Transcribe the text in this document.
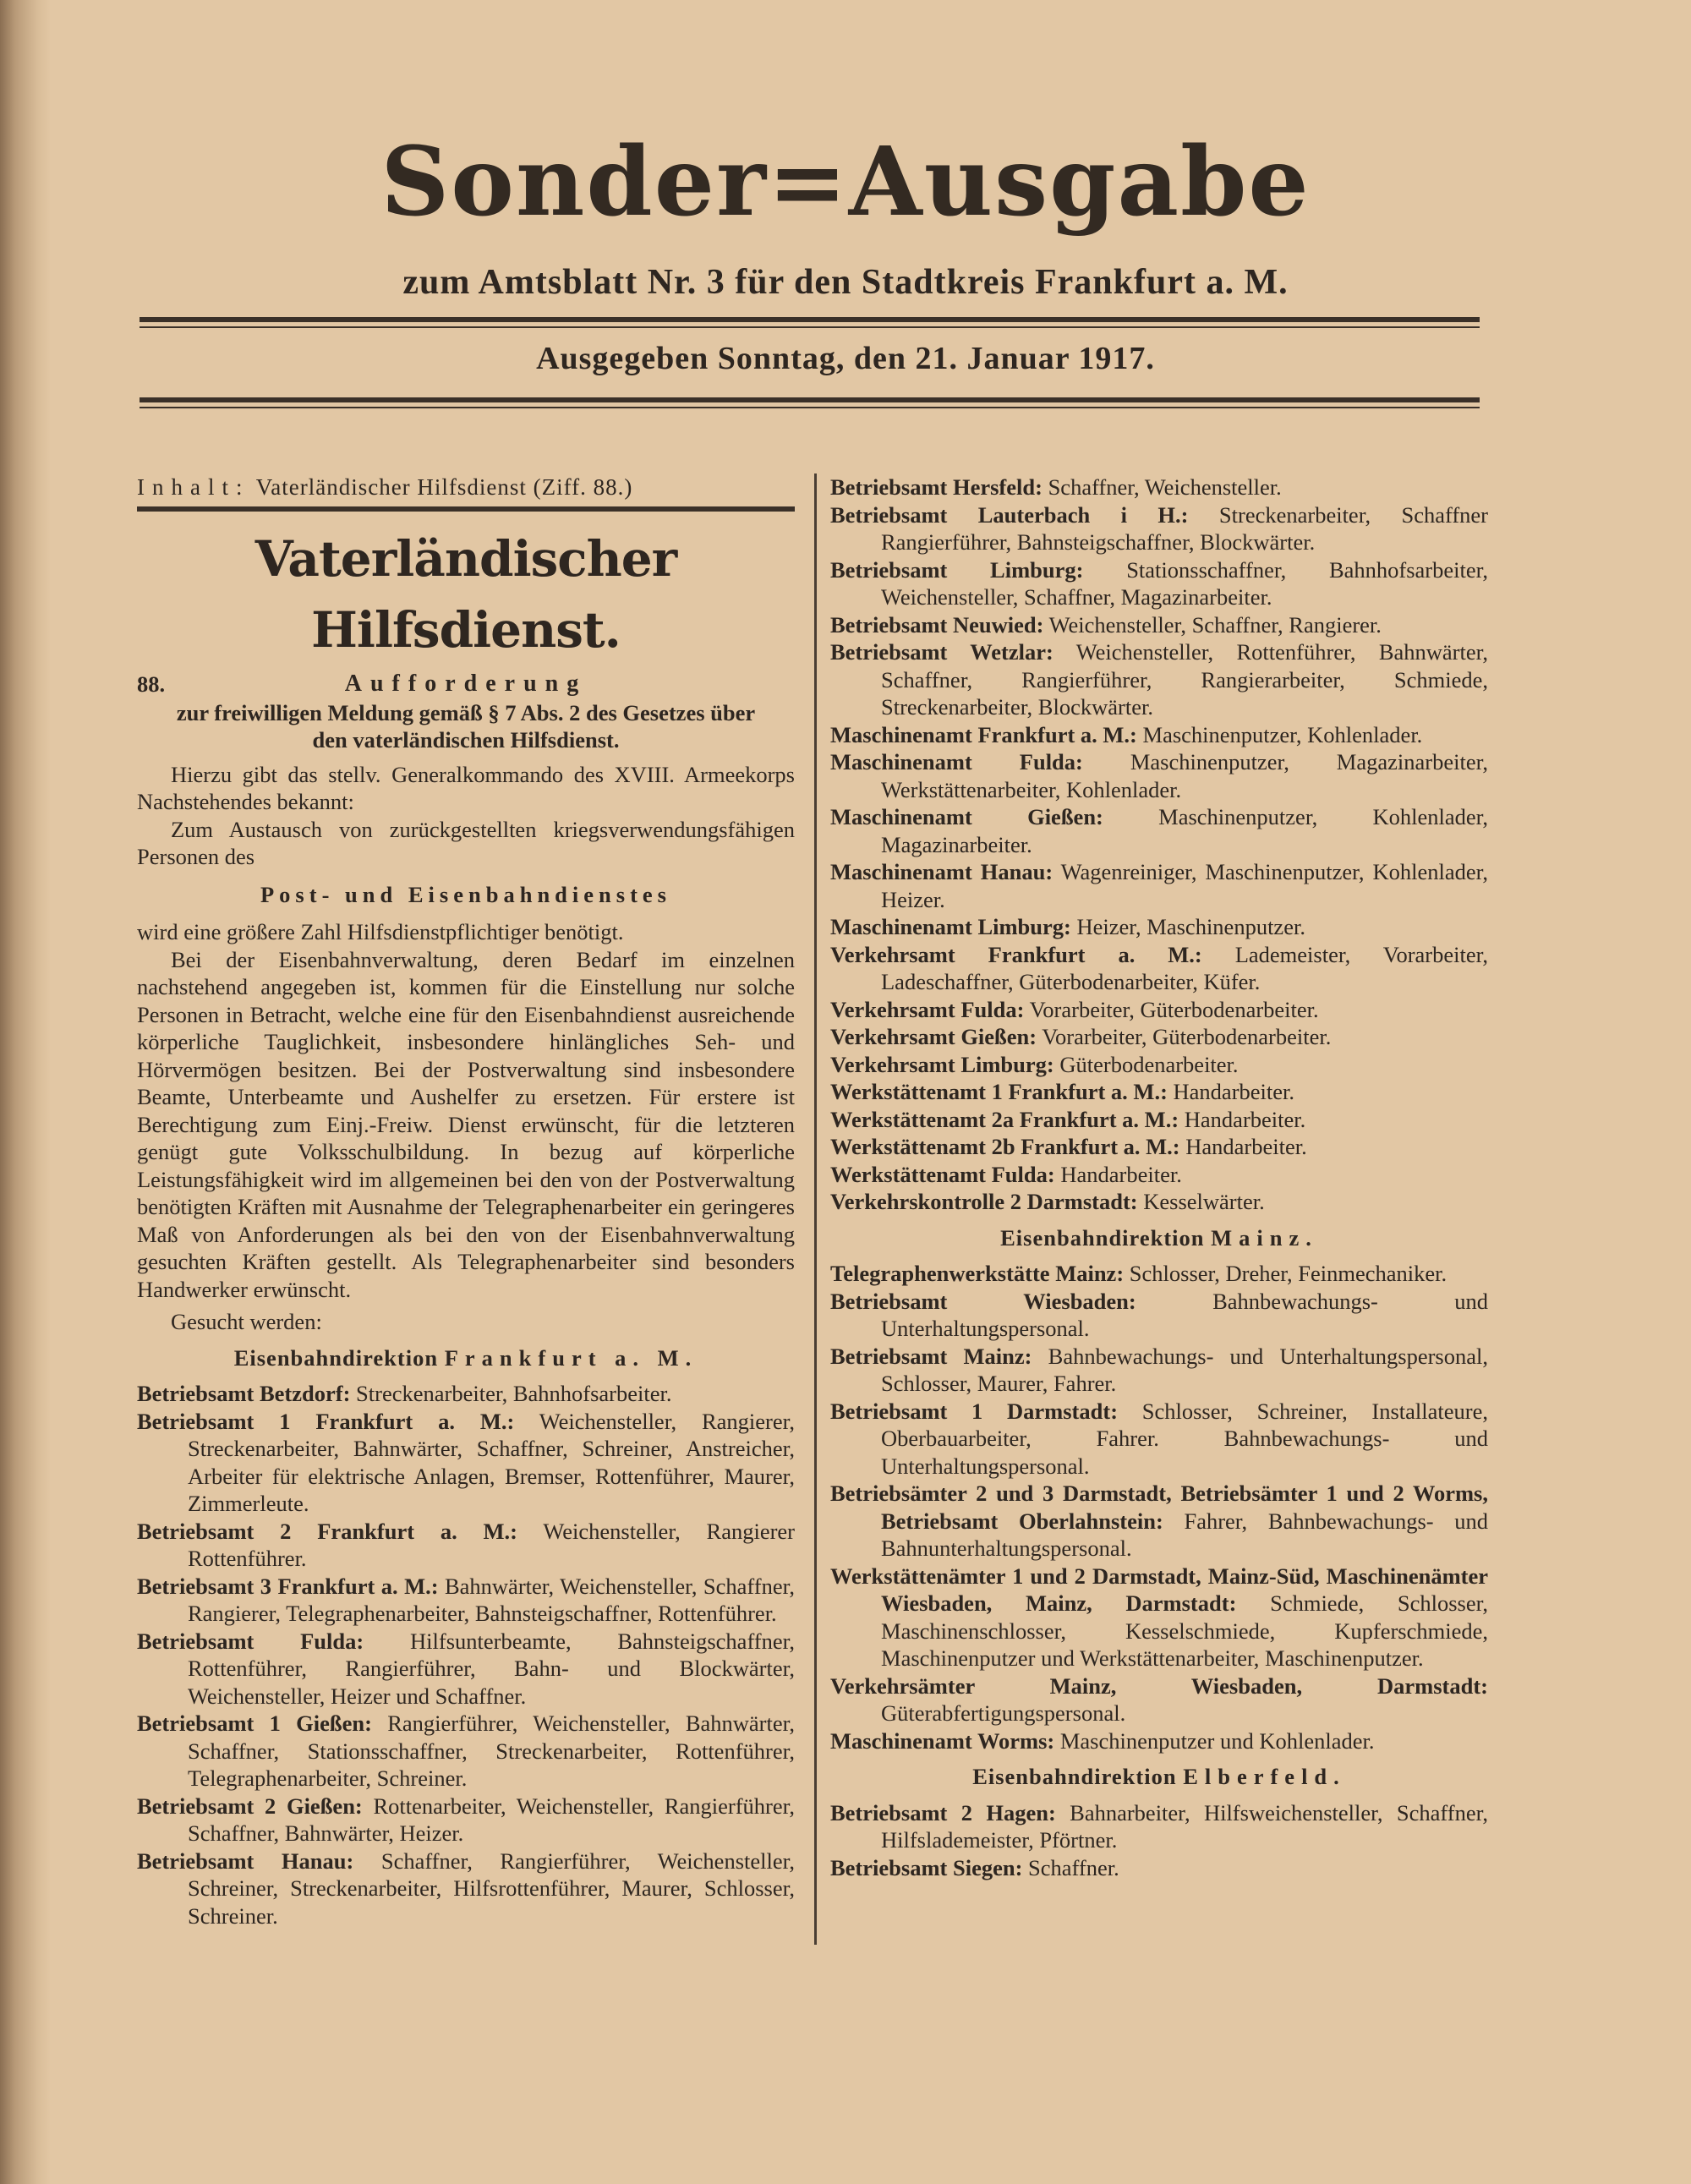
Sonder=Ausgabe
zum Amtsblatt Nr. 3 für den Stadtkreis Frankfurt a. M.
Ausgegeben Sonntag, den 21. Januar 1917.
Inhalt: Vaterländischer Hilfsdienst (Ziff. 88.)
Vaterländischer Hilfsdienst.
88.	Aufforderung
zur freiwilligen Meldung gemäß § 7 Abs. 2 des Gesetzes über den vaterländischen Hilfsdienst.

Hierzu gibt das stellv. Generalkommando des XVIII. Armeekorps Nachstehendes bekannt:

Zum Austausch von zurückgestellten kriegsverwendungsfähigen Personen des

Post- und Eisenbahndienstes

wird eine größere Zahl Hilfsdienstpflichtiger benötigt.

Bei der Eisenbahnverwaltung, deren Bedarf im einzelnen nachstehend angegeben ist, kommen für die Einstellung nur solche Personen in Betracht, welche eine für den Eisenbahndienst ausreichende körperliche Tauglichkeit, insbesondere hinlängliches Seh- und Hörvermögen besitzen. Bei der Postverwaltung sind insbesondere Beamte, Unterbeamte und Aushelfer zu ersetzen. Für erstere ist Berechtigung zum Einj.-Freiw. Dienst erwünscht, für die letzteren genügt gute Volksschulbildung. In bezug auf körperliche Leistungsfähigkeit wird im allgemeinen bei den von der Postverwaltung benötigten Kräften mit Ausnahme der Telegraphenarbeiter ein geringeres Maß von Anforderungen als bei den von der Eisenbahnverwaltung gesuchten Kräften gestellt. Als Telegraphenarbeiter sind besonders Handwerker erwünscht.

Gesucht werden:

Eisenbahndirektion Frankfurt a. M.
Betriebsamt Betzdorf: Streckenarbeiter, Bahnhofsarbeiter.
Betriebsamt 1 Frankfurt a. M.: Weichensteller, Rangierer, Streckenarbeiter, Bahnwärter, Schaffner, Schreiner, Anstreicher, Arbeiter für elektrische Anlagen, Bremser, Rottenführer, Maurer, Zimmerleute.
Betriebsamt 2 Frankfurt a. M.: Weichensteller, Rangierer Rottenführer.
Betriebsamt 3 Frankfurt a. M.: Bahnwärter, Weichensteller, Schaffner, Rangierer, Telegraphenarbeiter, Bahnsteigschaffner, Rottenführer.
Betriebsamt Fulda: Hilfsunterbeamte, Bahnsteigschaffner, Rottenführer, Rangierführer, Bahn- und Blockwärter, Weichensteller, Heizer und Schaffner.
Betriebsamt 1 Gießen: Rangierführer, Weichensteller, Bahnwärter, Schaffner, Stationsschaffner, Streckenarbeiter, Rottenführer, Telegraphenarbeiter, Schreiner.
Betriebsamt 2 Gießen: Rottenarbeiter, Weichensteller, Rangierführer, Schaffner, Bahnwärter, Heizer.
Betriebsamt Hanau: Schaffner, Rangierführer, Weichensteller, Schreiner, Streckenarbeiter, Hilfsrottenführer, Maurer, Schlosser, Schreiner.
Betriebsamt Hersfeld: Schaffner, Weichensteller.
Betriebsamt Lauterbach i H.: Streckenarbeiter, Schaffner Rangierführer, Bahnsteigschaffner, Blockwärter.
Betriebsamt Limburg: Stationsschaffner, Bahnhofsarbeiter, Weichensteller, Schaffner, Magazinarbeiter.
Betriebsamt Neuwied: Weichensteller, Schaffner, Rangierer.
Betriebsamt Wetzlar: Weichensteller, Rottenführer, Bahnwärter, Schaffner, Rangierführer, Rangierarbeiter, Schmiede, Streckenarbeiter, Blockwärter.
Maschinenamt Frankfurt a. M.: Maschinenputzer, Kohlenlader.
Maschinenamt Fulda: Maschinenputzer, Magazinarbeiter, Werkstättenarbeiter, Kohlenlader.
Maschinenamt Gießen: Maschinenputzer, Kohlenlader, Magazinarbeiter.
Maschinenamt Hanau: Wagenreiniger, Maschinenputzer, Kohlenlader, Heizer.
Maschinenamt Limburg: Heizer, Maschinenputzer.
Verkehrsamt Frankfurt a. M.: Lademeister, Vorarbeiter, Ladeschaffner, Güterbodenarbeiter, Küfer.
Verkehrsamt Fulda: Vorarbeiter, Güterbodenarbeiter.
Verkehrsamt Gießen: Vorarbeiter, Güterbodenarbeiter.
Verkehrsamt Limburg: Güterbodenarbeiter.
Werkstättenamt 1 Frankfurt a. M.: Handarbeiter.
Werkstättenamt 2a Frankfurt a. M.: Handarbeiter.
Werkstättenamt 2b Frankfurt a. M.: Handarbeiter.
Werkstättenamt Fulda: Handarbeiter.
Verkehrskontrolle 2 Darmstadt: Kesselwärter.
Eisenbahndirektion Mainz.
Telegraphenwerkstätte Mainz: Schlosser, Dreher, Feinmechaniker.
Betriebsamt Wiesbaden:	Bahnbewachungs- und Unterhaltungspersonal.
Betriebsamt Mainz: Bahnbewachungs- und Unterhaltungspersonal, Schlosser, Maurer, Fahrer.
Betriebsamt 1 Darmstadt: Schlosser, Schreiner, Installateure, Oberbauarbeiter, Fahrer. Bahnbewachungs- und Unterhaltungspersonal.
Betriebsämter 2 und 3 Darmstadt, Betriebsämter 1 und 2 Worms, Betriebsamt Oberlahnstein: Fahrer, Bahnbewachungs- und Bahnunterhaltungspersonal.
Werkstättenämter 1 und 2 Darmstadt, Mainz-Süd, Maschinenämter Wiesbaden, Mainz, Darmstadt: Schmiede, Schlosser, Maschinenschlosser, Kesselschmiede, Kupferschmiede, Maschinenputzer und Werkstättenarbeiter, Maschinenputzer.
Verkehrsämter Mainz, Wiesbaden, Darmstadt: Güterabfertigungspersonal.
Maschinenamt Worms: Maschinenputzer und Kohlenlader.
Eisenbahndirektion Elberfeld.
Betriebsamt 2 Hagen: Bahnarbeiter, Hilfsweichensteller, Schaffner, Hilfslademeister, Pförtner.
Betriebsamt Siegen: Schaffner.
